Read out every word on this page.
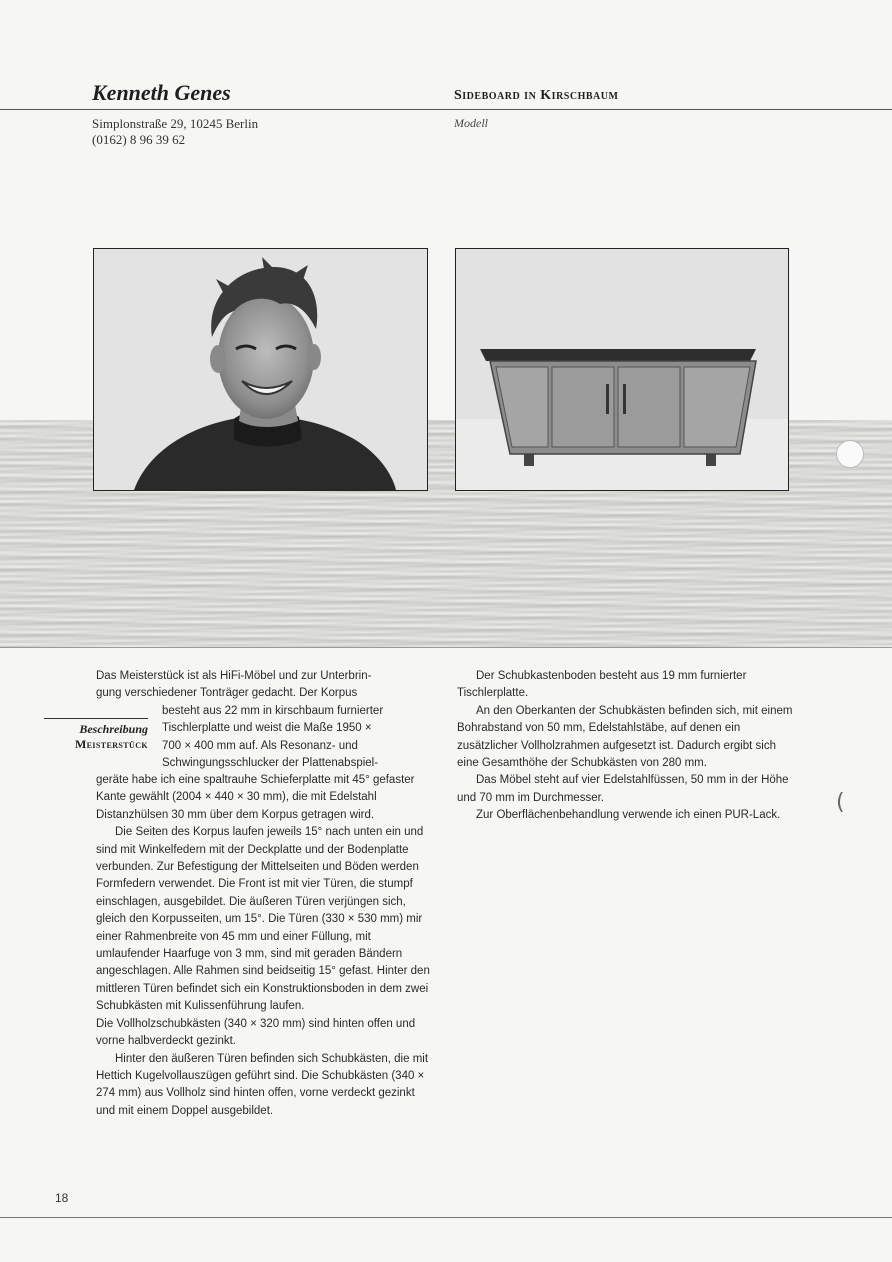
Kenneth Genes	Sideboard in Kirschbaum
Simplonstraße 29, 10245 Berlin
(0162) 8 96 39 62
Modell
(
Beschreibung
Meisterstück
Das Meisterstück ist als HiFi-Möbel und zur Unterbrin-
gung verschiedener Tonträger gedacht. Der Korpus
besteht aus 22 mm in kirschbaum furnierter
Tischlerplatte und weist die Maße 1950 ×
700 × 400 mm auf. Als Resonanz- und
Schwingungsschlucker der Plattenabspiel-

geräte habe ich eine spaltrauhe Schieferplatte mit 45° gefaster Kante gewählt (2004 × 440 × 30 mm), die mit Edelstahl Distanzhülsen 30 mm über dem Korpus getragen wird.

Die Seiten des Korpus laufen jeweils 15° nach unten ein und sind mit Winkelfedern mit der Deckplatte und der Bodenplatte verbunden. Zur Befestigung der Mittelseiten und Böden werden Formfedern verwendet. Die Front ist mit vier Türen, die stumpf einschlagen, ausgebildet. Die äußeren Türen verjüngen sich, gleich den Korpusseiten, um 15°. Die Türen (330 × 530 mm) mir einer Rahmenbreite von 45 mm und einer Füllung, mit umlaufender Haarfuge von 3 mm, sind mit geraden Bändern angeschlagen. Alle Rahmen sind beidseitig 15° gefast. Hinter den mittleren Türen befindet sich ein Konstruktionsboden in dem zwei Schubkästen mit Kulissenführung laufen.

Die Vollholzschubkästen (340 × 320 mm) sind hinten offen und vorne halbverdeckt gezinkt.

Hinter den äußeren Türen befinden sich Schubkästen, die mit Hettich Kugelvollauszügen geführt sind. Die Schubkästen (340 × 274 mm) aus Vollholz sind hinten offen, vorne verdeckt gezinkt und mit einem Doppel ausgebildet.

Der Schubkastenboden besteht aus 19 mm furnierter Tischlerplatte.

An den Oberkanten der Schubkästen befinden sich, mit einem Bohrabstand von 50 mm, Edelstahlstäbe, auf denen ein zusätzlicher Vollholzrahmen aufgesetzt ist. Dadurch ergibt sich eine Gesamthöhe der Schubkästen von 280 mm.

Das Möbel steht auf vier Edelstahlfüssen, 50 mm in der Höhe und 70 mm im Durchmesser.

Zur Oberflächenbehandlung verwende ich einen PUR-Lack.

18
